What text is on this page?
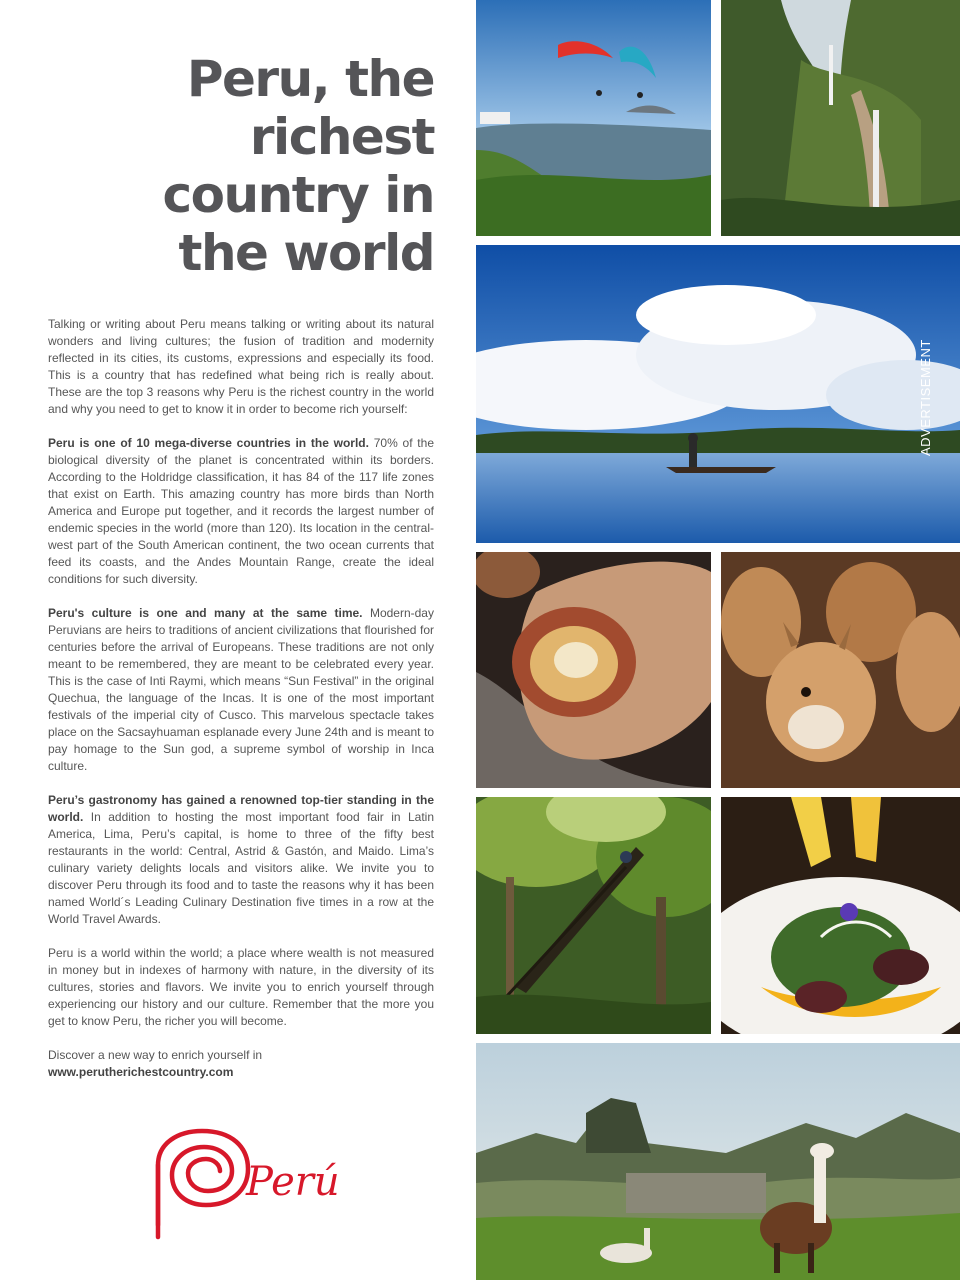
Peru, the
richest
country in
the world

Talking or writing about Peru means talking or writing about its natural wonders and living cultures; the fusion of tradition and modernity reflected in its cities, its customs, expressions and especially its food. This is a country that has redefined what being rich is really about. These are the top 3 reasons why Peru is the richest country in the world and why you need to get to know it in order to become rich yourself:

Peru is one of 10 mega-diverse countries in the world. 70% of the biological diversity of the planet is concentrated within its borders. According to the Holdridge classification, it has 84 of the 117 life zones that exist on Earth. This amazing country has more birds than North America and Europe put together, and it records the largest number of endemic species in the world (more than 120). Its location in the central-west part of the South American continent, the two ocean currents that feed its coasts, and the Andes Mountain Range, create the ideal conditions for such diversity.

Peru's culture is one and many at the same time. Modern-day Peruvians are heirs to traditions of ancient civilizations that flourished for centuries before the arrival of Europeans. These traditions are not only meant to be remembered, they are meant to be celebrated every year. This is the case of Inti Raymi, which means “Sun Festival” in the original Quechua, the language of the Incas. It is one of the most important festivals of the imperial city of Cusco. This marvelous spectacle takes place on the Sacsayhuaman esplanade every June 24th and is meant to pay homage to the Sun god, a supreme symbol of worship in Inca culture.

Peru’s gastronomy has gained a renowned top-tier standing in the world. In addition to hosting the most important food fair in Latin America, Lima, Peru’s capital, is home to three of the fifty best restaurants in the world: Central, Astrid & Gastón, and Maido. Lima’s culinary variety delights locals and visitors alike. We invite you to discover Peru through its food and to taste the reasons why it has been named World´s Leading Culinary Destination five times in a row at the World Travel Awards.

Peru is a world within the world; a place where wealth is not measured in money but in indexes of harmony with nature, in the diversity of its cultures, stories and flavors. We invite you to enrich yourself through experiencing our history and our culture. Remember that the more you get to know Peru, the richer you will become.

Discover a new way to enrich yourself in
www.perutherichestcountry.com

Perú
ADVERTISEMENT
